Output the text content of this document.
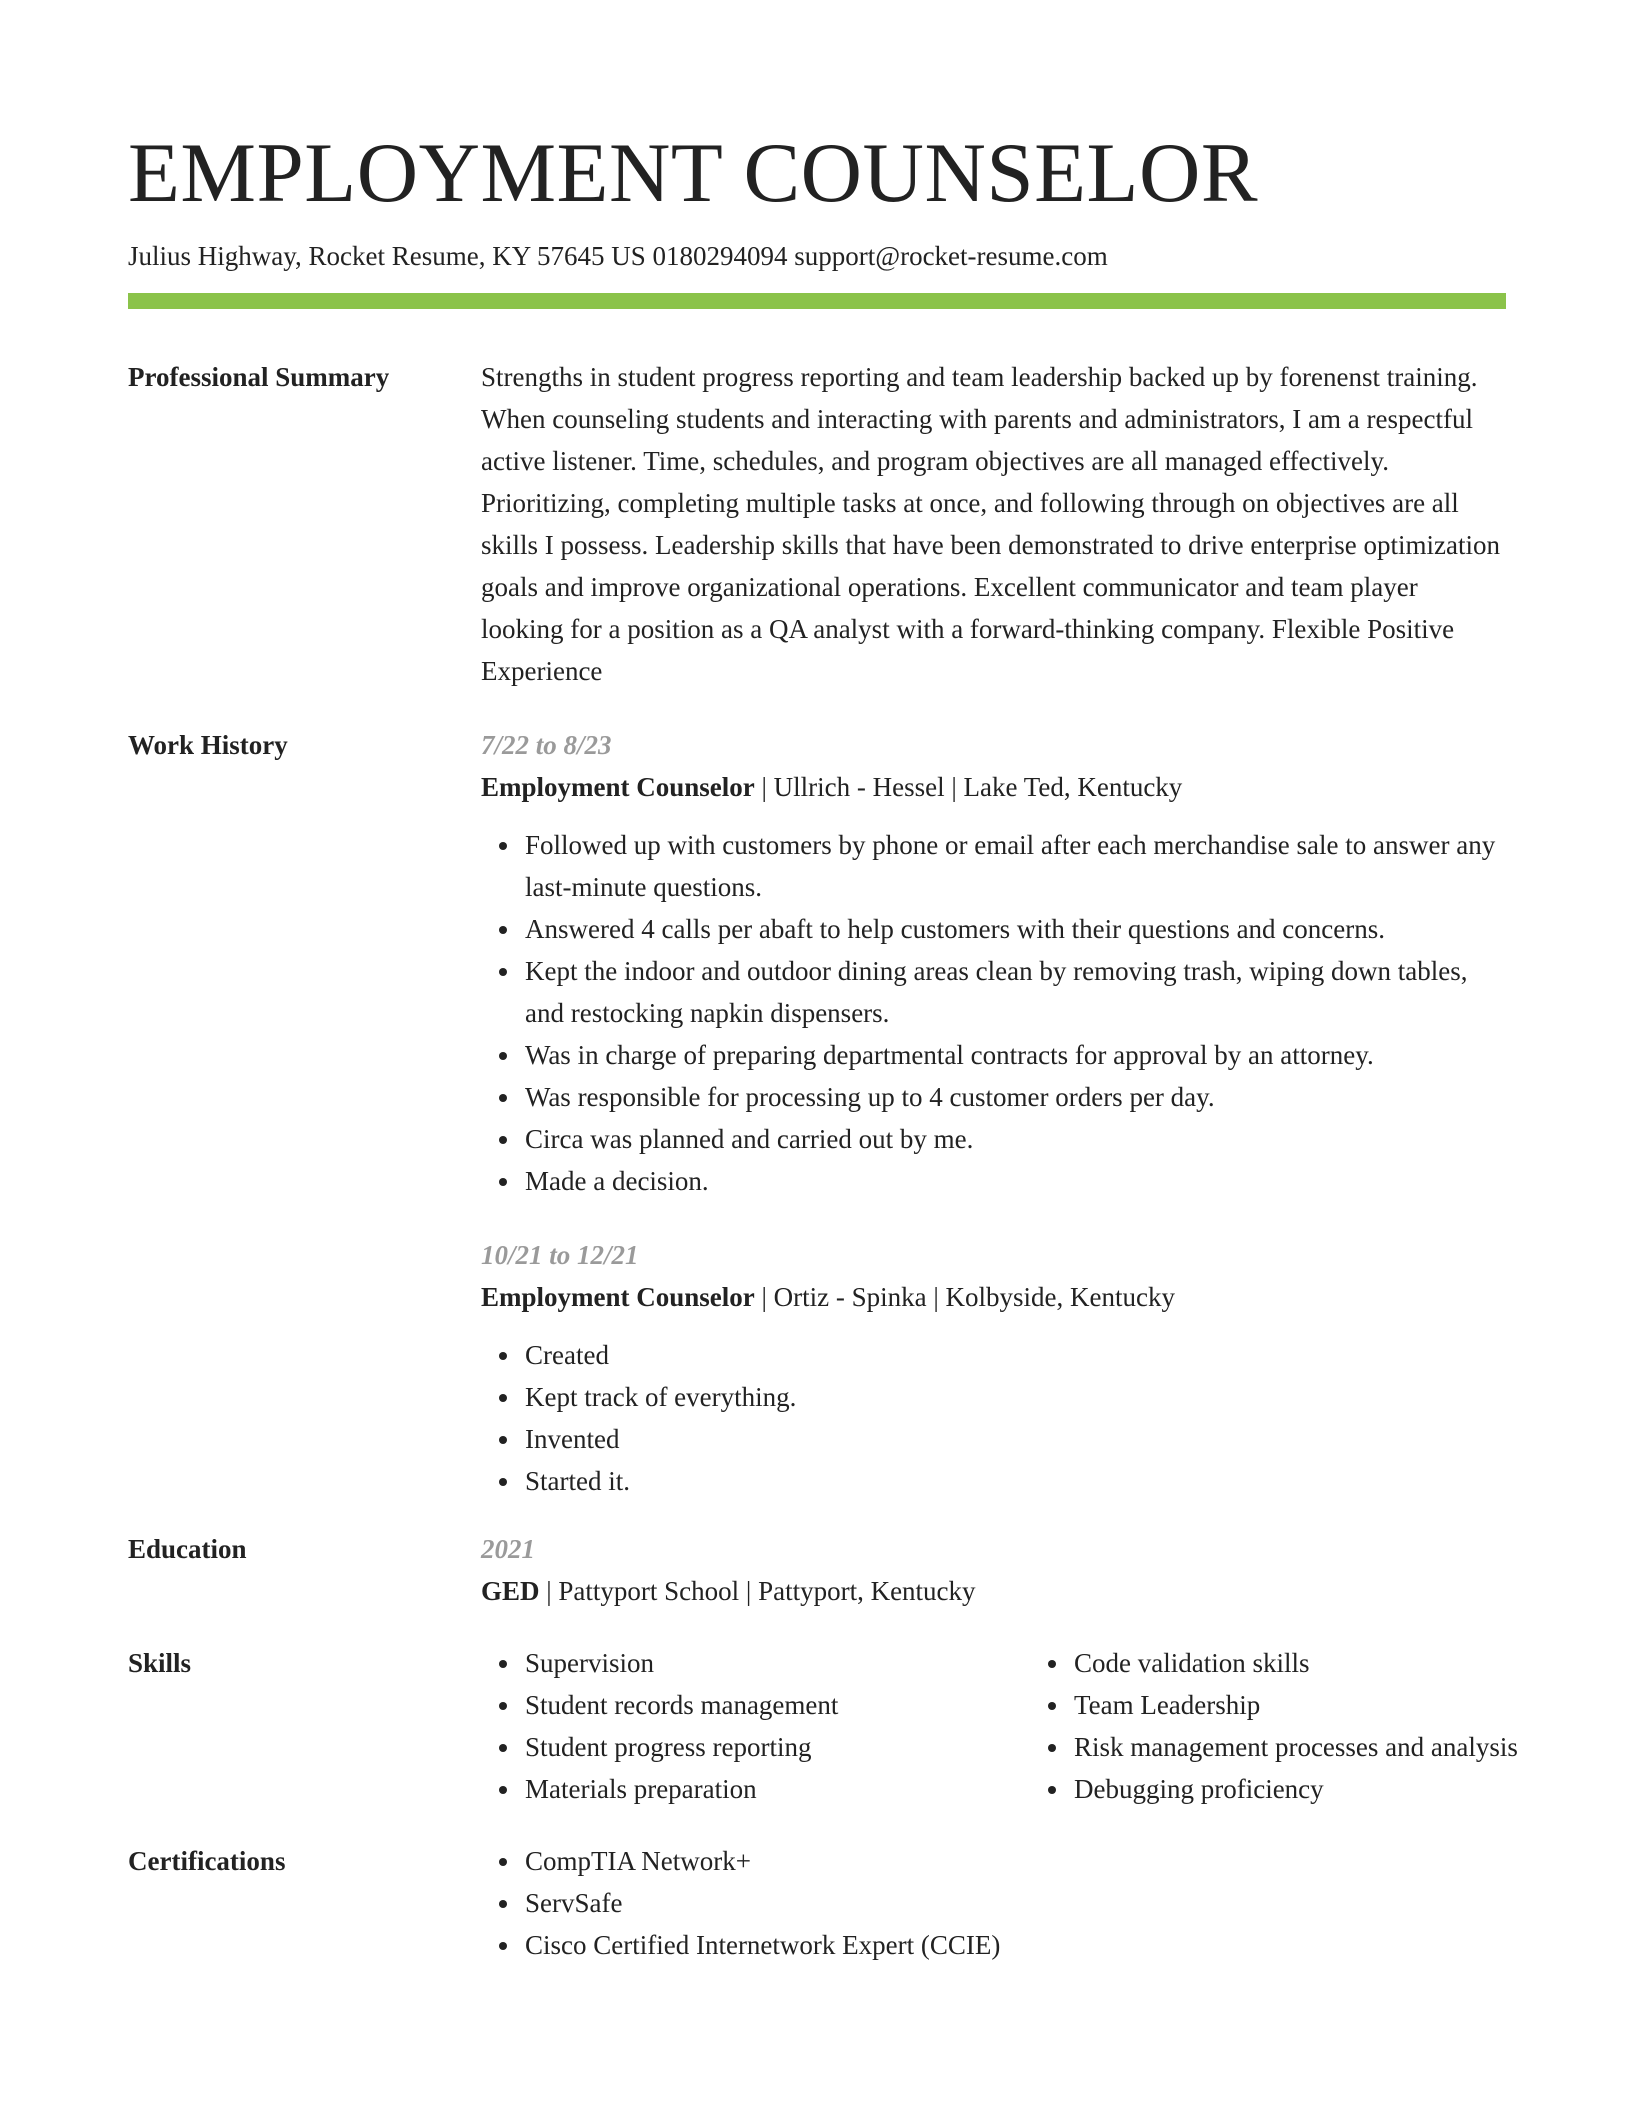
EMPLOYMENT COUNSELOR
Julius Highway, Rocket Resume, KY 57645 US 0180294094 support@rocket-resume.com
Professional Summary	Strengths in student progress reporting and team leadership backed up by forenenst training. When counseling students and interacting with parents and administrators, I am a respectful active listener. Time, schedules, and program objectives are all managed effectively. Prioritizing, completing multiple tasks at once, and following through on objectives are all skills I possess. Leadership skills that have been demonstrated to drive enterprise optimization goals and improve organizational operations. Excellent communicator and team player looking for a position as a QA analyst with a forward-thinking company. Flexible Positive Experience
Work History	7/22 to 8/23
Employment Counselor | Ullrich - Hessel | Lake Ted, Kentucky
Followed up with customers by phone or email after each merchandise sale to answer any last-minute questions.
Answered 4 calls per abaft to help customers with their questions and concerns.
Kept the indoor and outdoor dining areas clean by removing trash, wiping down tables, and restocking napkin dispensers.
Was in charge of preparing departmental contracts for approval by an attorney.
Was responsible for processing up to 4 customer orders per day.
Circa was planned and carried out by me.
Made a decision.
10/21 to 12/21
Employment Counselor | Ortiz - Spinka | Kolbyside, Kentucky
Created
Kept track of everything.
Invented
Started it.
Education	2021
GED | Pattyport School | Pattyport, Kentucky
Skills	Supervision
Student records management
Student progress reporting
Materials preparation
Code validation skills
Team Leadership
Risk management processes and analysis
Debugging proficiency
Certifications	CompTIA Network+
ServSafe
Cisco Certified Internetwork Expert (CCIE)
